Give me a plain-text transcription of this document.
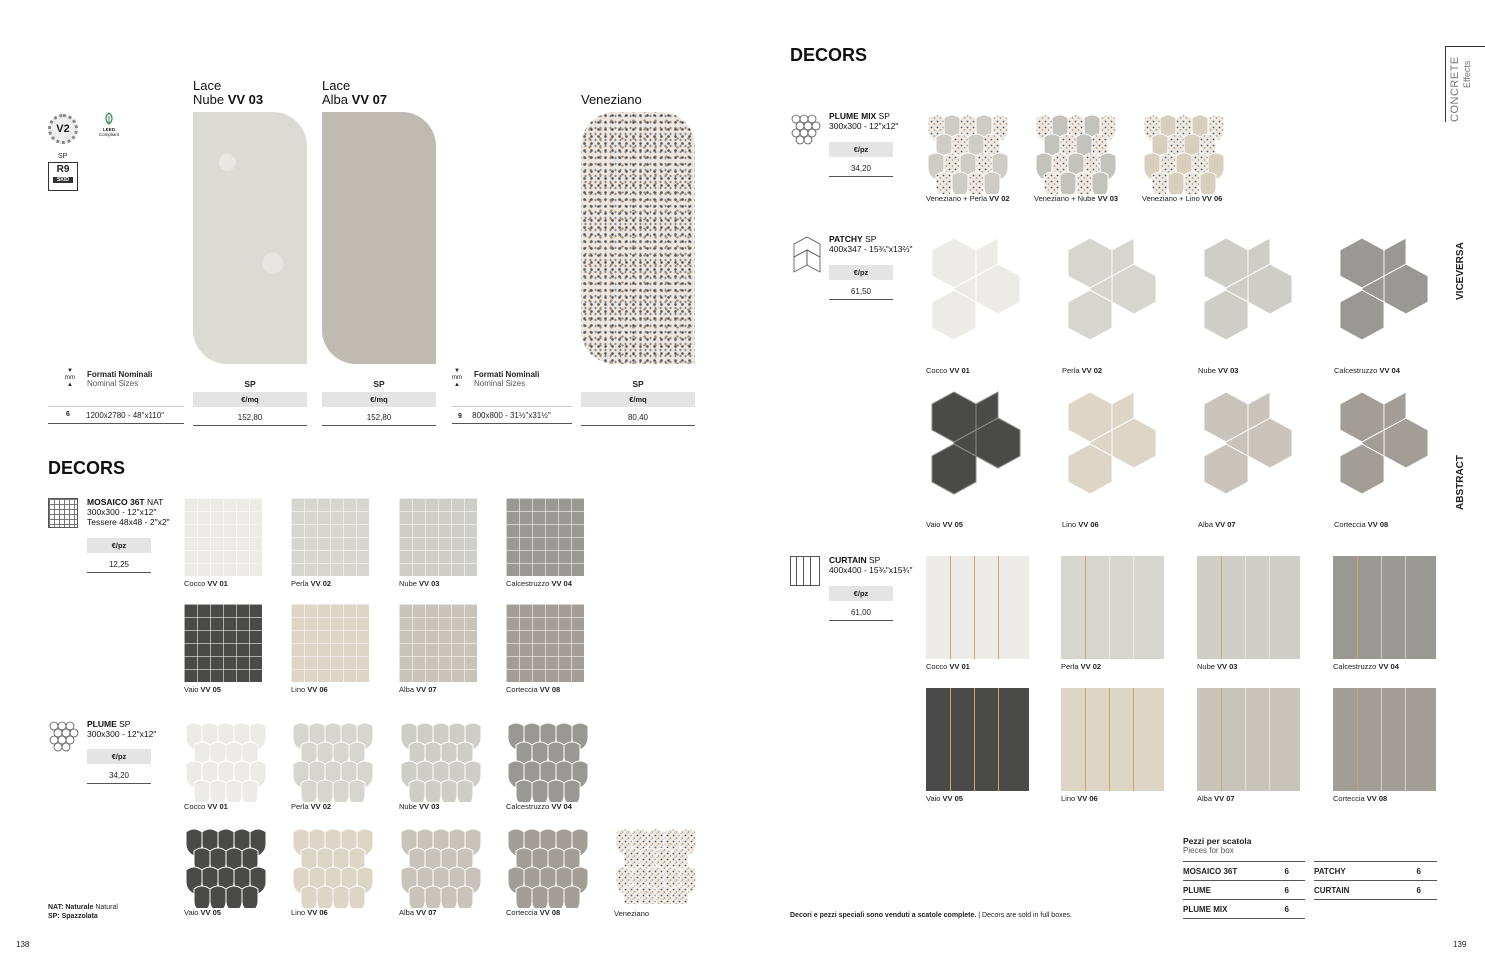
V2	LEED
Compliant
SP
R9
SKID
Lace
Nube VV 03
Lace
Alba VV 07	Veneziano
▼
mm
▲
Formati Nominali
Nominal Sizes
6 1200x2780 - 48"x110"
▼
mm
▲
Formati Nominali
Nominal Sizes
9 800x800 - 31½"x31½"
SP
€/mq
152,80
SP
€/mq
152,80
SP
€/mq
80,40
DECORS
MOSAICO 36T NAT
300x300 - 12"x12"
Tessere 48x48 - 2"x2"
€/pz
12,25
Cocco VV 01	Perla VV 02	Nube VV 03	Calcestruzzo VV 04
Vaio VV 05	Lino VV 06	Alba VV 07	Corteccia VV 08
PLUME SP
300x300 - 12"x12"
€/pz
34,20
Cocco VV 01	Perla VV 02	Nube VV 03	Calcestruzzo VV 04
Vaio VV 05	Lino VV 06	Alba VV 07	Corteccia VV 08	Veneziano
NAT: Naturale Natural
SP: Spazzolata
138
DECORS
CONCRETE Effects
VICEVERSA
ABSTRACT
PLUME MIX SP
300x300 - 12"x12"
€/pz
34,20
Veneziano + Perla VV 02	Veneziano + Nube VV 03	Veneziano + Lino VV 06
PATCHY SP
400x347 - 15¾"x13⅔"
€/pz
61,50
Cocco VV 01	Perla VV 02	Nube VV 03	Calcestruzzo VV 04
Vaio VV 05	Lino VV 06	Alba VV 07	Corteccia VV 08
CURTAIN SP
400x400 - 15¾"x15¾"
€/pz
61,00
Cocco VV 01	Perla VV 02	Nube VV 03	Calcestruzzo VV 04
Vaio VV 05	Lino VV 06	Alba VV 07	Corteccia VV 08
Pezzi per scatola
Pieces for box
MOSAICO 36T	6
PLUME	6
PLUME MIX	6
PATCHY	6
CURTAIN	6
Decori e pezzi speciali sono venduti a scatole complete. | Decors are sold in full boxes.
139
